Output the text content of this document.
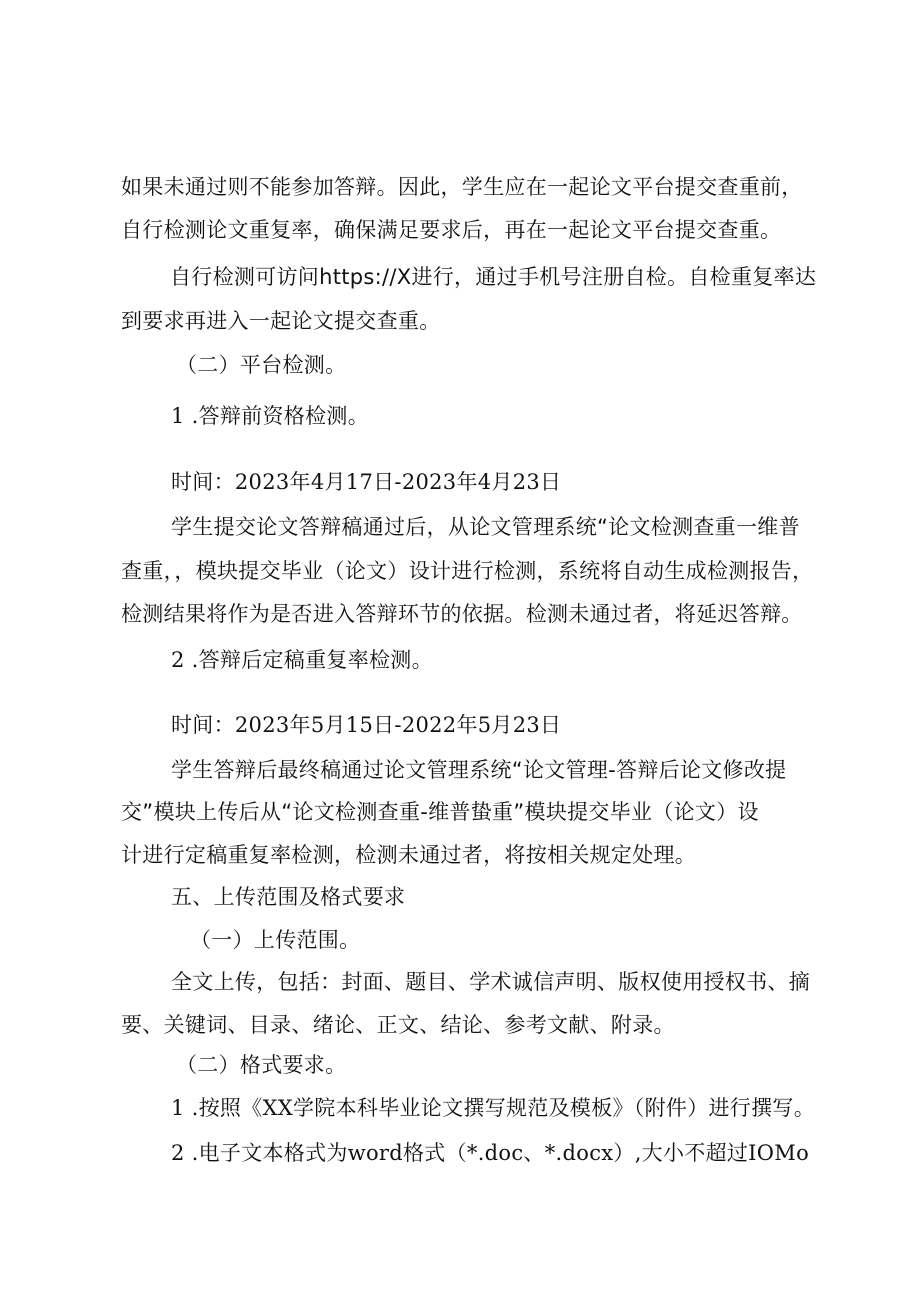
如果未通过则不能参加答辩。因此，学生应在一起论文平台提交查重前，

自行检测论文重复率，确保满足要求后，再在一起论文平台提交查重。

自行检测可访问https://X进行，通过手机号注册自检。自检重复率达

到要求再进入一起论文提交查重。

（二）平台检测。

1 .答辩前资格检测。

时间：2023年4月17日-2023年4月23日

学生提交论文答辩稿通过后，从论文管理系统“论文检测查重一维普

查重，，模块提交毕业（论文）设计进行检测，系统将自动生成检测报告，

检测结果将作为是否进入答辩环节的依据。检测未通过者，将延迟答辩。

2 .答辩后定稿重复率检测。

时间：2023年5月15日-2022年5月23日

学生答辩后最终稿通过论文管理系统“论文管理-答辩后论文修改提

交”模块上传后从“论文检测查重-维普蛰重”模块提交毕业（论文）设

计进行定稿重复率检测，检测未通过者，将按相关规定处理。

五、上传范围及格式要求

（一）上传范围。

全文上传，包括：封面、题目、学术诚信声明、版权使用授权书、摘

要、关键词、目录、绪论、正文、结论、参考文献、附录。

（二）格式要求。

1 .按照《XX学院本科毕业论文撰写规范及模板》（附件）进行撰写。

2 .电子文本格式为word格式（*.doc、*.docx）,大小不超过IOMo
